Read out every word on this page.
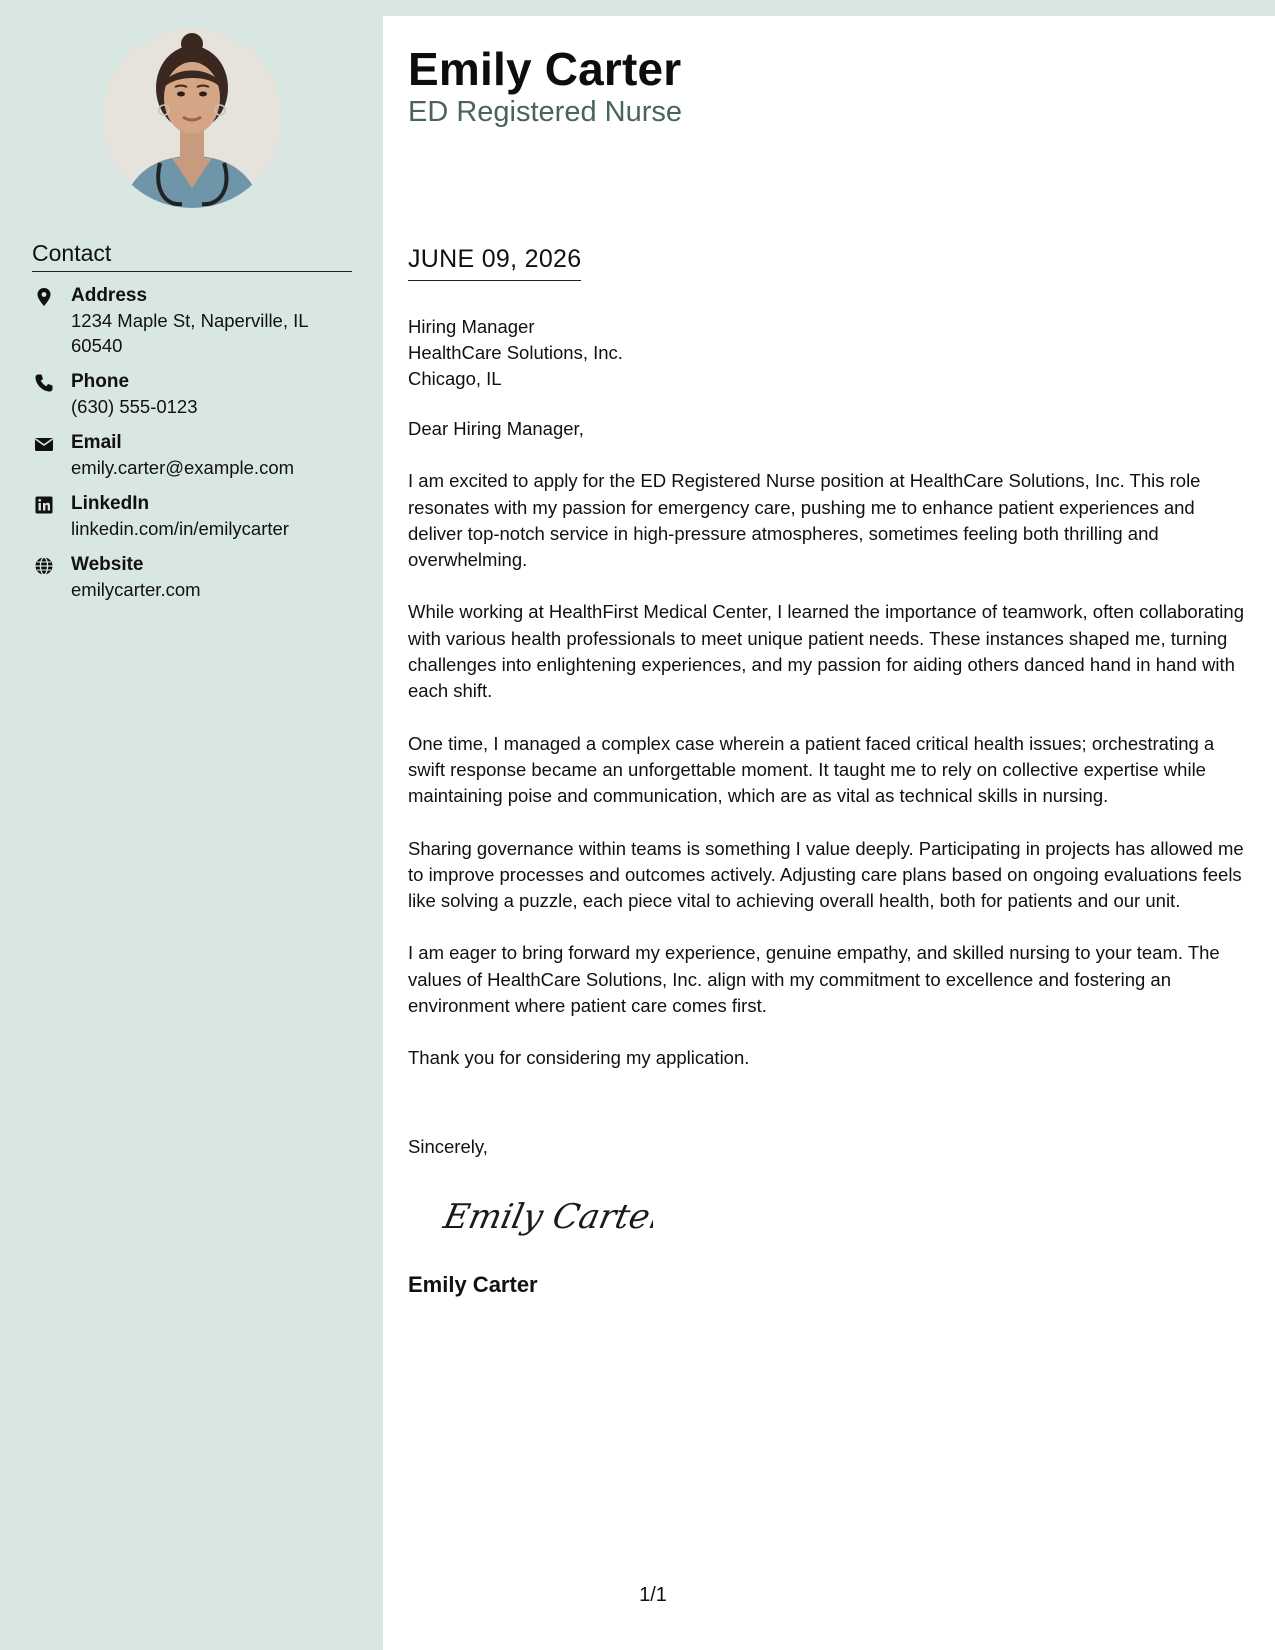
Contact
Address
1234 Maple St, Naperville, IL 60540
Phone
(630) 555-0123
Email
emily.carter@example.com
LinkedIn
linkedin.com/in/emilycarter
Website
emilycarter.com
Emily Carter
ED Registered Nurse
JUNE 09, 2026
Hiring Manager
HealthCare Solutions, Inc.
Chicago, IL

Dear Hiring Manager,

I am excited to apply for the ED Registered Nurse position at HealthCare Solutions, Inc. This role resonates with my passion for emergency care, pushing me to enhance patient experiences and deliver top-notch service in high-pressure atmospheres, sometimes feeling both thrilling and overwhelming.

While working at HealthFirst Medical Center, I learned the importance of teamwork, often collaborating with various health professionals to meet unique patient needs. These instances shaped me, turning challenges into enlightening experiences, and my passion for aiding others danced hand in hand with each shift.

One time, I managed a complex case wherein a patient faced critical health issues; orchestrating a swift response became an unforgettable moment. It taught me to rely on collective expertise while maintaining poise and communication, which are as vital as technical skills in nursing.

Sharing governance within teams is something I value deeply. Participating in projects has allowed me to improve processes and outcomes actively. Adjusting care plans based on ongoing evaluations feels like solving a puzzle, each piece vital to achieving overall health, both for patients and our unit.

I am eager to bring forward my experience, genuine empathy, and skilled nursing to your team. The values of HealthCare Solutions, Inc. align with my commitment to excellence and fostering an environment where patient care comes first.

Thank you for considering my application.

Sincerely,
Emily Carter
Emily Carter
1/1
